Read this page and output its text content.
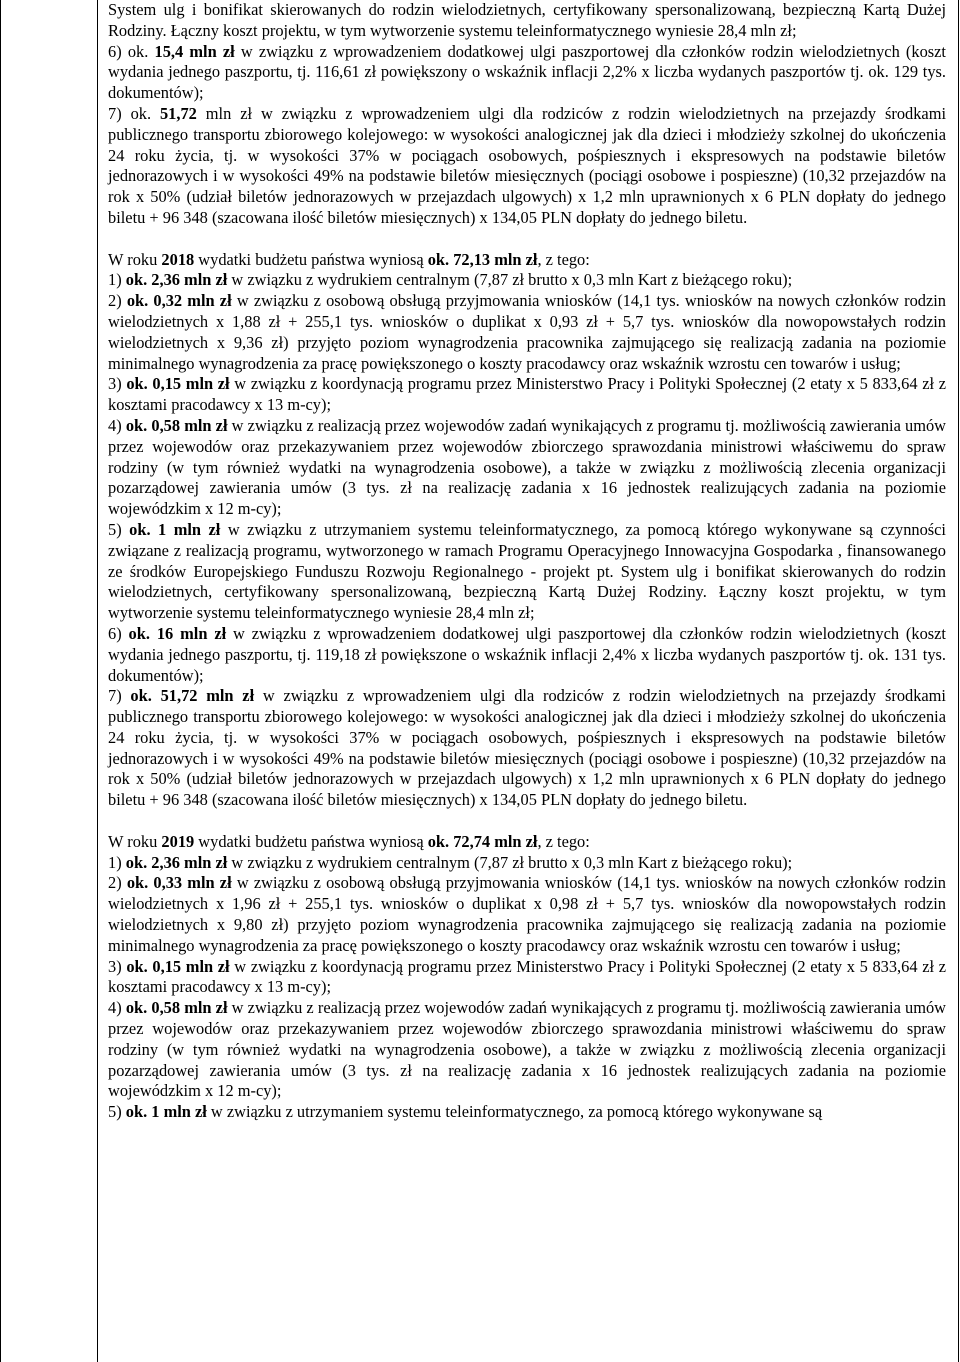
System ulg i bonifikat skierowanych do rodzin wielodzietnych, certyfikowany spersonalizowaną, bezpieczną Kartą Dużej Rodziny. Łączny koszt projektu, w tym wytworzenie systemu teleinformatycznego wyniesie 28,4 mln zł;

6) ok. 15,4 mln zł w związku z wprowadzeniem dodatkowej ulgi paszportowej dla członków rodzin wielodzietnych (koszt wydania jednego paszportu, tj. 116,61 zł powiększony o wskaźnik inflacji 2,2% x liczba wydanych paszportów tj. ok. 129 tys. dokumentów);

7) ok. 51,72 mln zł w związku z wprowadzeniem ulgi dla rodziców z rodzin wielodzietnych na przejazdy środkami publicznego transportu zbiorowego kolejowego: w wysokości analogicznej jak dla dzieci i młodzieży szkolnej do ukończenia 24 roku życia, tj. w wysokości 37% w pociągach osobowych, pośpiesznych i ekspresowych na podstawie biletów jednorazowych i w wysokości 49% na podstawie biletów miesięcznych (pociągi osobowe i pospieszne) (10,32 przejazdów na rok x 50% (udział biletów jednorazowych w przejazdach ulgowych) x 1,2 mln uprawnionych x 6 PLN dopłaty do jednego biletu + 96 348 (szacowana ilość biletów miesięcznych) x 134,05 PLN dopłaty do jednego biletu.

W roku 2018 wydatki budżetu państwa wyniosą ok. 72,13 mln zł, z tego:

1) ok. 2,36 mln zł w związku z wydrukiem centralnym (7,87 zł brutto x 0,3 mln Kart z bieżącego roku);

2) ok. 0,32 mln zł w związku z osobową obsługą przyjmowania wniosków (14,1 tys. wniosków na nowych członków rodzin wielodzietnych x 1,88 zł + 255,1 tys. wniosków o duplikat x 0,93 zł + 5,7 tys. wniosków dla nowopowstałych rodzin wielodzietnych x 9,36 zł) przyjęto poziom wynagrodzenia pracownika zajmującego się realizacją zadania na poziomie minimalnego wynagrodzenia za pracę powiększonego o koszty pracodawcy oraz wskaźnik wzrostu cen towarów i usług;

3) ok. 0,15 mln zł w związku z koordynacją programu przez Ministerstwo Pracy i Polityki Społecznej (2 etaty x 5 833,64 zł z kosztami pracodawcy x 13 m-cy);

4) ok. 0,58 mln zł w związku z realizacją przez wojewodów zadań wynikających z programu tj. możliwością zawierania umów przez wojewodów oraz przekazywaniem przez wojewodów zbiorczego sprawozdania ministrowi właściwemu do spraw rodziny (w tym również wydatki na wynagrodzenia osobowe), a także w związku z możliwością zlecenia organizacji pozarządowej zawierania umów (3 tys. zł na realizację zadania x 16 jednostek realizujących zadania na poziomie wojewódzkim x 12 m-cy);

5) ok. 1 mln zł w związku z utrzymaniem systemu teleinformatycznego, za pomocą którego wykonywane są czynności związane z realizacją programu, wytworzonego w ramach Programu Operacyjnego Innowacyjna Gospodarka , finansowanego ze środków Europejskiego Funduszu Rozwoju Regionalnego - projekt pt. System ulg i bonifikat skierowanych do rodzin wielodzietnych, certyfikowany spersonalizowaną, bezpieczną Kartą Dużej Rodziny. Łączny koszt projektu, w tym wytworzenie systemu teleinformatycznego wyniesie 28,4 mln zł;

6) ok. 16 mln zł w związku z wprowadzeniem dodatkowej ulgi paszportowej dla członków rodzin wielodzietnych (koszt wydania jednego paszportu, tj. 119,18 zł powiększone o wskaźnik inflacji 2,4% x liczba wydanych paszportów tj. ok. 131 tys. dokumentów);

7) ok. 51,72 mln zł w związku z wprowadzeniem ulgi dla rodziców z rodzin wielodzietnych na przejazdy środkami publicznego transportu zbiorowego kolejowego: w wysokości analogicznej jak dla dzieci i młodzieży szkolnej do ukończenia 24 roku życia, tj. w wysokości 37% w pociągach osobowych, pośpiesznych i ekspresowych na podstawie biletów jednorazowych i w wysokości 49% na podstawie biletów miesięcznych (pociągi osobowe i pospieszne) (10,32 przejazdów na rok x 50% (udział biletów jednorazowych w przejazdach ulgowych) x 1,2 mln uprawnionych x 6 PLN dopłaty do jednego biletu + 96 348 (szacowana ilość biletów miesięcznych) x 134,05 PLN dopłaty do jednego biletu.

W roku 2019 wydatki budżetu państwa wyniosą ok. 72,74 mln zł, z tego:

1) ok. 2,36 mln zł w związku z wydrukiem centralnym (7,87 zł brutto x 0,3 mln Kart z bieżącego roku);

2) ok. 0,33 mln zł w związku z osobową obsługą przyjmowania wniosków (14,1 tys. wniosków na nowych członków rodzin wielodzietnych x 1,96 zł + 255,1 tys. wniosków o duplikat x 0,98 zł + 5,7 tys. wniosków dla nowopowstałych rodzin wielodzietnych x 9,80 zł) przyjęto poziom wynagrodzenia pracownika zajmującego się realizacją zadania na poziomie minimalnego wynagrodzenia za pracę powiększonego o koszty pracodawcy oraz wskaźnik wzrostu cen towarów i usług;

3) ok. 0,15 mln zł w związku z koordynacją programu przez Ministerstwo Pracy i Polityki Społecznej (2 etaty x 5 833,64 zł z kosztami pracodawcy x 13 m-cy);

4) ok. 0,58 mln zł w związku z realizacją przez wojewodów zadań wynikających z programu tj. możliwością zawierania umów przez wojewodów oraz przekazywaniem przez wojewodów zbiorczego sprawozdania ministrowi właściwemu do spraw rodziny (w tym również wydatki na wynagrodzenia osobowe), a także w związku z możliwością zlecenia organizacji pozarządowej zawierania umów (3 tys. zł na realizację zadania x 16 jednostek realizujących zadania na poziomie wojewódzkim x 12 m-cy);

5) ok. 1 mln zł w związku z utrzymaniem systemu teleinformatycznego, za pomocą którego wykonywane są
